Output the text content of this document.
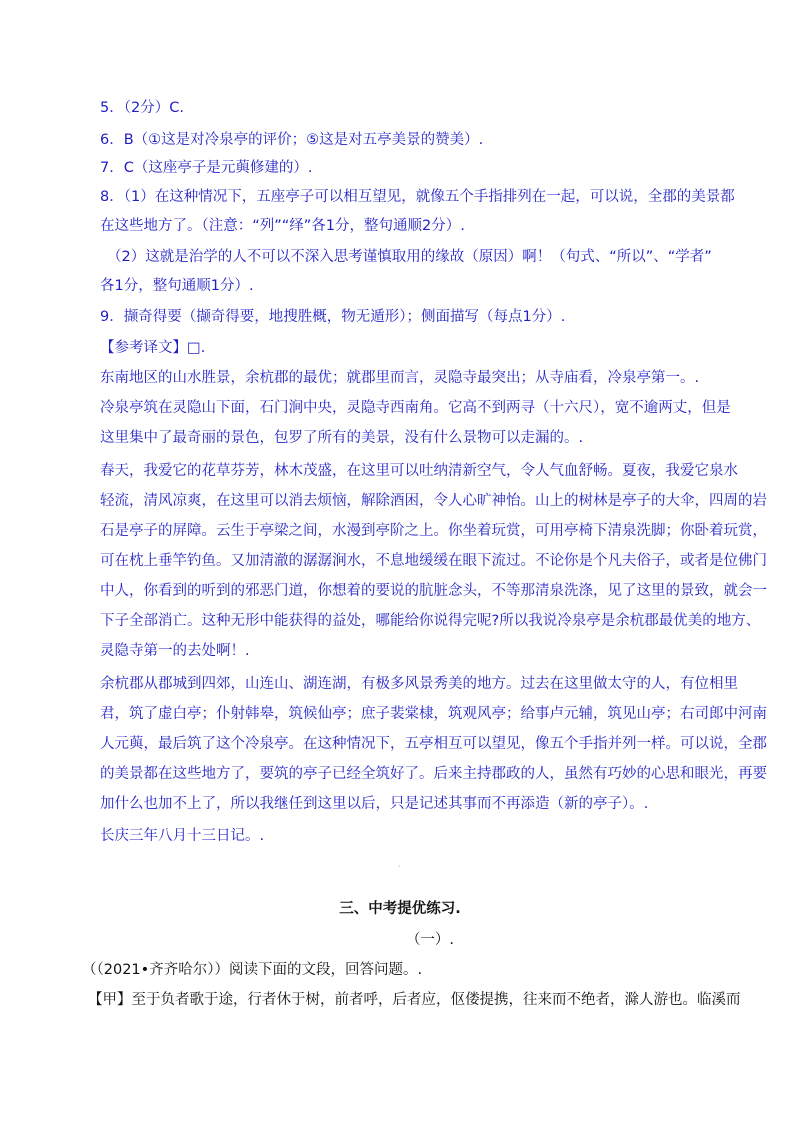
5．（2分）C.
6．B（①这是对冷泉亭的评价；⑤这是对五亭美景的赞美）.
7．C（这座亭子是元藇修建的）.
8．（1）在这种情况下，五座亭子可以相互望见，就像五个手指排列在一起，可以说，全郡的美景都
在这些地方了。（注意：“列”“绎”各1分，整句通顺2分）.
（2）这就是治学的人不可以不深入思考谨慎取用的缘故（原因）啊！（句式、“所以”、“学者”
各1分，整句通顺1分）.
9．撷奇得要（撷奇得要，地搜胜概，物无遁形）；侧面描写（每点1分）.
【参考译文】□.
东南地区的山水胜景，余杭郡的最优；就郡里而言，灵隐寺最突出；从寺庙看，冷泉亭第一。.
冷泉亭筑在灵隐山下面，石门涧中央，灵隐寺西南角。它高不到两寻（十六尺），宽不逾两丈，但是
这里集中了最奇丽的景色，包罗了所有的美景，没有什么景物可以走漏的。.
春天，我爱它的花草芬芳，林木茂盛，在这里可以吐纳清新空气，令人气血舒畅。夏夜，我爱它泉水
轻流，清风凉爽，在这里可以消去烦恼，解除酒困，令人心旷神怡。山上的树林是亭子的大伞，四周的岩
石是亭子的屏障。云生于亭梁之间，水漫到亭阶之上。你坐着玩赏，可用亭椅下清泉洗脚；你卧着玩赏，
可在枕上垂竿钓鱼。又加清澈的潺潺涧水，不息地缓缓在眼下流过。不论你是个凡夫俗子，或者是位佛门
中人，你看到的听到的邪恶门道，你想着的要说的肮脏念头，不等那清泉洗涤，见了这里的景致，就会一
下子全部消亡。这种无形中能获得的益处，哪能给你说得完呢?所以我说冷泉亭是余杭郡最优美的地方、
灵隐寺第一的去处啊！.
余杭郡从郡城到四郊，山连山、湖连湖，有极多风景秀美的地方。过去在这里做太守的人，有位相里
君，筑了虚白亭；仆射韩皋，筑候仙亭；庶子裴棠棣，筑观风亭；给事卢元辅，筑见山亭；右司郎中河南
人元藇，最后筑了这个冷泉亭。在这种情况下，五亭相互可以望见，像五个手指并列一样。可以说，全郡
的美景都在这些地方了，要筑的亭子已经全筑好了。后来主持郡政的人，虽然有巧妙的心思和眼光，再要
加什么也加不上了，所以我继任到这里以后，只是记述其事而不再添造（新的亭子）。.
长庆三年八月十三日记。.
·
三、中考提优练习.
（一）.
（（2021•齐齐哈尔））阅读下面的文段，回答问题。.
【甲】至于负者歌于途，行者休于树，前者呼，后者应，伛偻提携，往来而不绝者，滁人游也。临溪而
